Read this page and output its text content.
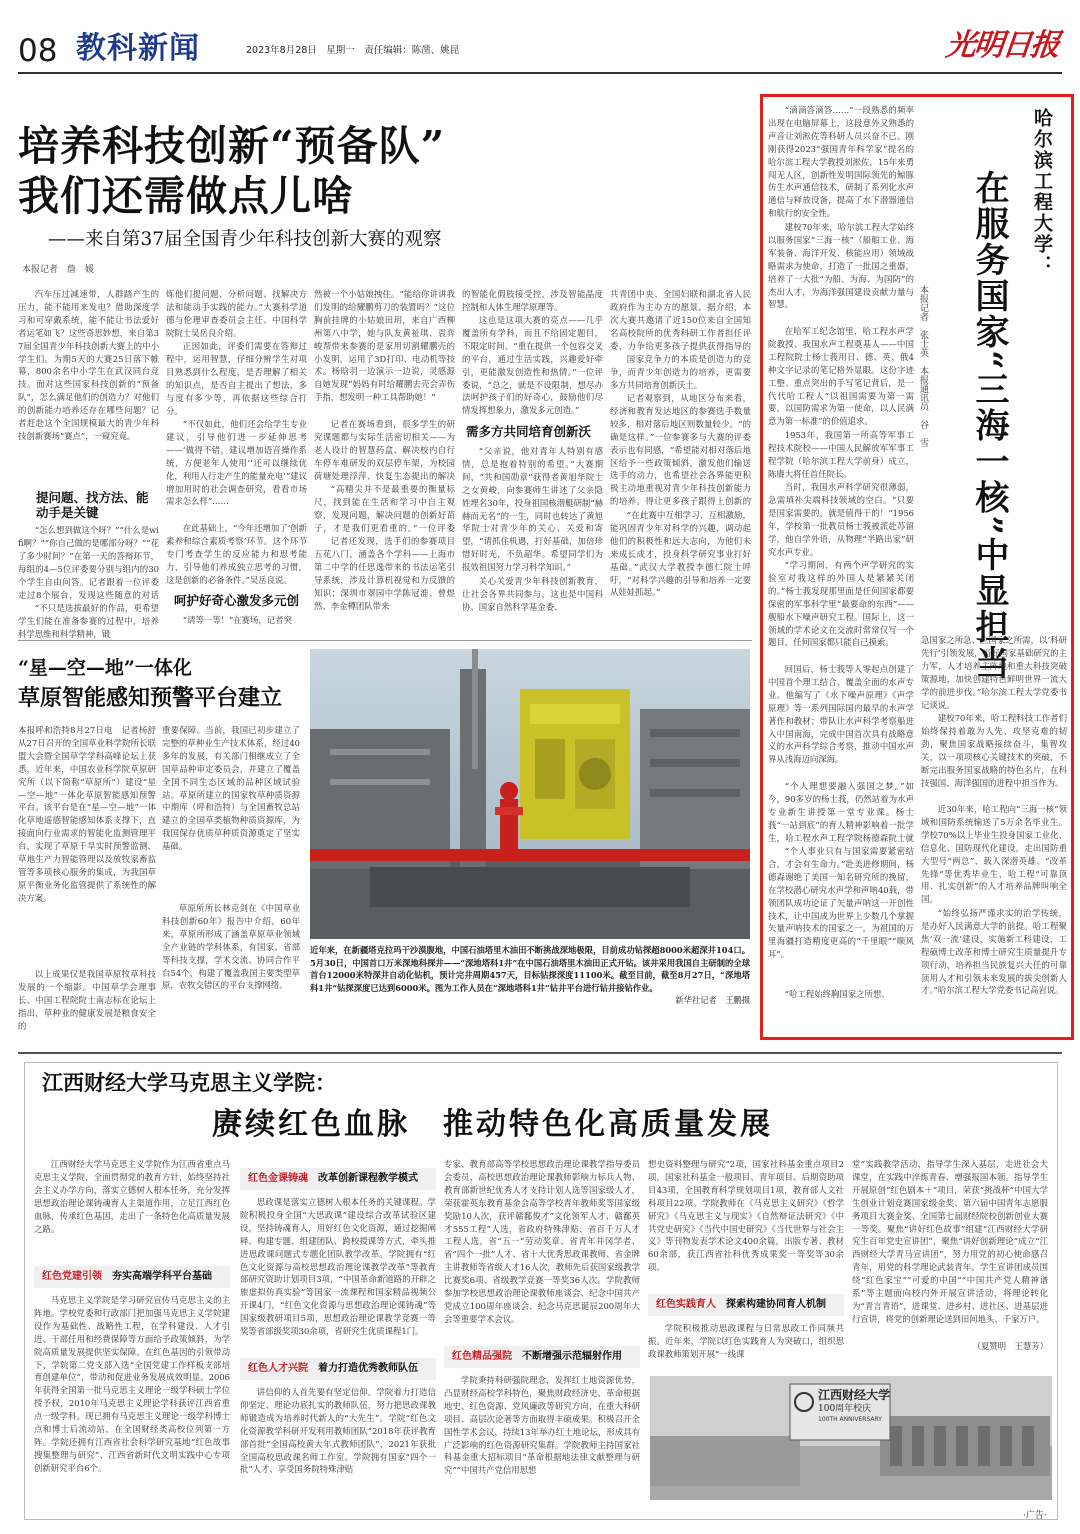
08 教科新闻	2023年8月28日　星期一　责任编辑：陈凿、姚昆	光明日报
培养科技创新“预备队”
我们还需做点儿啥
——来自第37届全国青少年科技创新大赛的观察
本报记者　詹　媛
汽车压过减速带，人群踏产生的压力，能不能用来发电？借助深度学习和可穿戴系统，能不能让书法爱好者运笔如飞？这些奇思妙想，来自第37届全国青少年科技创新大赛上的中小学生们。为期5天的大赛25日落下帷幕，800余名中小学生在武汉同台竞技。面对这些国家科技创新的“预备队”，怎么满足他们的创造力？对他们的创新能力培养还存在哪些问题？记者赶赴这个全国规模最大的青少年科技创新赛场“赛点”，一窥究竟。
提问题、找方法、能动手是关键
“怎么想到做这个呀？”“什么是wifi啊？”“你自己做的是哪部分呀？”“花了多少时间？”在第一天的答辩环节，每组的4—5位评委要分别与组内的30个学生自由问答。记者跟着一位评委走过8个展台，发现这些随意的对话
“不只是选拔最好的作品，更希望学生们能在准备参赛的过程中，培养科学思维和科学精神，锻
炼他们提问题、分析问题、找解决方法和能动手实践的能力。”大赛科学道德与伦理审查委员会主任、中国科学院院士吴岳良介绍。
正因如此，评委们需要在答辩过程中，运用智慧，仔细分辨学生对项目熟悉到什么程度，是否理解了相关的知识点，是否自主提出了想法，多与度有多少等，再依据这些综合打分。
“不仅如此，他们还会给学生专业建议，引导他们进一步延伸思考——‘做得不错，建议增加语音操作系统，方便老年人使用’‘还可以继续优化，利用人行走产生的能量充电’”建议增加用时的社会调查研究，看看市场需求怎么样”……
在此基础上，“今年还增加了‘创新素养和综合素质考察’环节。这个环节专门考查学生的反应能力和思考能力，引导他们养成独立思考的习惯，这是创新的必备条件。”吴岳良说。
呵护好奇心激发多元创
“请等一等！”在赛场，记者突
然被一个小姑娘拽住。“能给你讲讲我们发明的给耀鹏剪刀的装置吗？”这位胸前挂牌的小姑娘田玥，来自广西柳州第八中学，她与队友黄祉琪、袁弈峻帮带来参赛的是家用切割耀鹏壳的小发明，运用了3D打印、电动机等技术。杨晗羽一边演示一边说，灵感源自她发现“妈妈有时给耀鹏去壳会弄伤手指，想发明一种工具帮助她！”
记者在赛场看到，很多学生的研究课题都与实际生活密切相关——为老人设计的智慧药盒、解决校内自行车停车难研发的双层停车架，为校园荷塘处理浮萍、快复生态提出的解决
“高精尖并不是最重要的衡量标尺，找到能在生活和学习中自主观察，发现问题，解决问题的创新好苗子，才是我们更看重的。”一位评委
记者还发现，选手们的参赛项目五花八门，涵盖各个学科——上海市第二中学的任思逸带来的书法运笔引导系统，涉及计算机视觉和力反馈的知识；深圳市翠园中学陈冠淮、曾煜然、李金樽团队带来
的智能化假肢接受控，涉及智能晶度控制和人体生理学原理等。
这也是这项大赛的亮点——几乎覆盖所有学科，而且不给固定题目，不限定时间。“重在提供一个包容交叉的平台，通过生活实践，兴趣爱好牵引，更能激发创造性和热情。”一位评委说，“总之，就是不设限制，想尽办法呵护孩子们的好奇心，鼓励他们尽情发挥想象力，激发多元创造。”
需多方共同培育创新沃
“父亲说，他对青年人特别有感情，总是抱着特别的希望。”大赛期间，“共和国勋章”获得者黄旭华院士之女黄峻，向参赛师生讲述了父亲隐姓埋名30年，投身祖国核潜艇研制“赫赫而无名”的一生，同时也转达了黄旭华院士对青少年的关心、关爱和寄望，“请抓住机遇，打好基础，加倍珍惜好时光，不负韶华。希望同学们为报效祖国努力学习科学知识。”
关心关爱青少年科技创新教育，让社会各界共同参与，这也是中国科协、国家自然科学基金委、
共青团中央、全国妇联和湖北省人民政府作为主办方的愿景。据介绍，本次大赛共邀请了近150位来自全国知名高校院所的优秀科研工作者担任评委，力争给更多孩子提供获得指导的
国家竞争力的本质是创造力的竞争，而青少年创造力的培养，更需要多方共同培育创新沃土。
记者观察到，从地区分布来看，经济和教育发达地区的参赛选手数量较多，相对落后地区则数量较少。“的确是这样。”一位参赛多与大赛的评委表示也有同感，“希望能对相对落后地区给予一些政策倾斜，激发他们输送选手的动力，也希望社会各界能更积极主动地重视对青少年科技创新能力的培养。得让更多孩子跟得上创新的
“在此赛中互相学习、互相激励，能巩固青少年对科学的兴趣，调动起他们的积极性和远大志向，为他们未来成长成才，投身科学研究事业打好基础。”武汉大学教授李德仁院士呼吁，“对科学兴趣的引导和培养一定要从娃娃抓起。”
“星—空—地”一体化
草原智能感知预警平台建立
本报呼和浩特8月27日电　记者杨舒从27日召开的全国草业科学院所长联盟大会暨全国草学学科高峰论坛上获悉，近年来，中国农业科学院草原研究所（以下简称“草原所”）建设“星—空—地”一体化草原智能感知预警平台。该平台是在“星—空—地”一体化草地遥感智能感知体系支撑下，直接面向行业需求的智能化监测管理平台，实现了草原千旱实时预警监测、草地生产力智能管理以及放牧家畜监管等多项核心服务的集成，为我国草原平衡业务化监管提供了系统性的解决方案。
以上成果仅是我国草原牧草科技发展的一个缩影。中国草学会理事长、中国工程院院士南志标在论坛上指出，草种业的健康发展是粮食安全的
重要保障。当前，我国已初步建立了完整的草种业生产技术体系，经过40多年的发展，有关部门相继成立了全国草品种审定委员会，并建立了覆盖全国不同生态区域的品种区域试验站。草原所建立的国家牧草种质资源中期库（呼和浩特）与全国畜牧总站建立的全国草类植物种质资源库，为我国保存优质草种质资源奠定了坚实基础。
草原所所长林克剑在《中国草业科技创新60年》报告中介绍，60年来，草原所形成了涵盖草原草业领域全产业链的学科体系，有国家、省部等科技支撑，学术交流、协同合作平台54个，构建了覆盖我国主要类型草原，农牧交错区的平台支撑网络。
近年来，在新疆塔克拉玛干沙漠腹地，中国石油塔里木油田不断挑战深地极限，目前成功钻探超8000米超深井104口。5月30日，中国首口万米深地科探井——“深地塔科1井”在中国石油塔里木油田正式开钻。该井采用我国自主研制的全球首台12000米特深井自动化钻机，预计完井周期457天，目标钻探深度11100米。截至目前，截至8月27日，“深地塔科1井”钻探深度已达到6000米。图为工作人员在“深地塔科1井”钻井平台进行钻井接钻作业。
新华社记者　王鹏摄
哈尔滨工程大学：
在服务国家“三海一核”中显担当
本报记者　张士英　本报通讯员　谷　雪
“滴滴答滴答……”一段熟悉的频率出现在电脑屏幕上，这段意外又熟悉的声音让刘淞佐等科研人员兴奋不已。刚刚获得2023“强国青年科学家”提名的哈尔滨工程大学教授刘淞佐，15年来勇闯无人区，创新性发明国际领先的鲸豚仿生水声通信技术，研制了系列化水声通信与释放设备，提高了水下潜器通信和航行的安全性。
建校70年来，哈尔滨工程大学始终以服务国家“三海一核”（船舶工业、海军装备、海洋开发、核能应用）领域战略需求为使命，打造了一批国之重器，培养了一大批“为船、为海、为国防”的杰出人才，为海洋强国建设贡献力量与智慧。
在哈军工纪念馆里，哈工程水声学院教授、我国水声工程奠基人——中国工程院院士杨士莪用日、德、英、俄4种文字记录的笔记格外显眼。这份字迹工整、重点突出的手写笔记背后，是一代代哈工程人“以祖国需要为第一需要，以国防需求为第一使命，以人民满意为第一标准”的价值追求。
1953年，我国第一所高等军事工程技术院校——中国人民解放军军事工程学院（哈尔滨工程大学前身）成立，陈赓大将任首任院长。
当时，我国水声科学研究很薄弱，急需填补尖端科技领域的空白。“只要是国家需要的，就是值得干的！”1956年，学校第一批教员杨士莪被派赴苏留学，他自学外语，从物理“半路出家”研究水声专业。
“学习期间，有两个声学研究的实验室对我这样的外国人是紧紧关闭的。”杨士莪发现那里面是任何国家都要保密的军事科学里“最要命的东西”——舰船水下噪声研究工程。国际上，这一领域的学术论文在交流时常常仅写一个题目，任何国家都只能自己摸索。
回国后，杨士莪等人零起点创建了中国首个理工结合、覆盖全面的水声专业。他编写了《水下噪声原理》《声学原理》等一系列国际国内最早的水声学著作和教材；带队让水声科学考察船进入中国南海，完成中国首次具有战略意义的水声科学综合考察，推动中国水声界从浅海迈向深海。
“个人理想要融入强国之梦。”如今，90多岁的杨士莪，仍然站着为水声专业新生讲授第一堂专业课。杨士莪“一站到底”的育人精神影响着一批学生，哈工程水声工程学院杨德森院士就
“个人事业只有与国家需要紧密结合，才会有生命力。”赴美进修期间，杨德森谢绝了美国一知名研究所的挽留，在学校潜心研究水声学和声呐40载，带领团队成功论证了矢量声呐这一开创性技术，让中国成为世界上少数几个掌握矢量声呐技术的国家之一，为祖国的万里海疆打造精度更高的“千里眼”“顺风耳”。
“哈工程始终胸国家之所想、
急国家之所急、应国家之所需，以‘科研先行’引领发展，当好国家基础研究的主力军，人才培养主阵地和重大科技突破策源地，加快创建特色鲜明世界一流大学的前进步伐。”哈尔滨工程大学党委书记谈说。
建校70年来，哈工程科技工作者们始终保持着敢为人先、攻坚克难的韧劲，聚焦国家战略接续奋斗，集智攻关，以一项项核心关键技术的突破，不断完出服务国家战略的特色名片，在科技强国、海洋强国的进程中担当作为。
近30年来，哈工程向“三海一核”领域和国防系统输送了5万余名毕业生。学校70%以上毕业生投身国家工业化、信息化、国防现代化建设，走出国防重大型号“两总”、载人深潜英雄、“改革先锋”等优秀毕业生，哈工程“可靠顶用、扎实创新”的人才培养品牌叫响全国。
“始终弘扬严谨求实的治学传统，是办好人民满意大学的前提。哈工程聚焦‘双一流’建设，实施新工科建设，工程硕博士改革和博士研究生质量提升专项行动，培养担当民族复兴大任的可靠顶用人才和引领未来发展的拔尖创新人才。”哈尔滨工程大学党委书记高岩说。
江西财经大学马克思主义学院：
赓续红色血脉　推动特色化高质量发展
江西财经大学马克思主义学院作为江西省重点马克思主义学院，全面贯彻党的教育方针，始终坚持社会主义办学方向，落实立德树人根本任务，充分发挥思想政治理论课铸魂育人主渠道作用，立足江西红色血脉，传承红色基因，走出了一条特色化高质量发展之路。
红色党建引领　 夯实高端学科平台基础
马克思主义学院是学习研究宣传马克思主义的主阵地。学校党委和行政部门把加强马克思主义学院建设作为基础性、战略性工程，在学科建设、人才引进、干部任用和经费保障等方面给予政策倾斜，为学院高质量发展提供坚实保障。在红色基因的引领带动下，学院第二党支部入选“全国党建工作样板支部培育创建单位”，带动和促进业务发展成效明显。2006年获得全国第一批马克思主义理论一级学科硕士学位授予权，2010年马克思主义理论学科获评江西省重点一级学科。现已拥有马克思主义理论一级学科博士点和博士后流动站，在全国财经类高校位列第一方阵。学院还拥有江西省社会科学研究基地“红色故事搜集整理与研究”、江西省新时代文明实践中心专项创新研究平台6个。
红色金课铸魂　 改革创新课程教学模式
思政课是落实立德树人根本任务的关键课程。学院积极投身全国“大思政课”建设综合改革试验区建设，坚持铸魂育人，用好红色文化资源，通过挖掘阐释、构建专题、组建团队、跨校授课等方式，牵头推进思政课问题式专题化团队教学改革。学院拥有“红色文化资源与高校思想政治理论课教学改革”等教育部研究资助计划项目3项，“中国革命新道路的开辟之旅虚拟仿真实验”等国家一流课程和国家精品视频公开课4门，“红色文化资源与思想政治理论课铸魂”等国家级教研项目5项，思想政治理论课教学竞赛一等奖等省部级奖项30余项，省研究生优质课程1门。
红色人才兴院　 着力打造优秀教师队伍
讲信仰的人首先要有坚定信仰。学院着力打造信仰坚定、理论功底扎实的教师队伍，努力把思政课教师锻造成为培养时代新人的“大先生”。学院“红色文化资源教学科研开发利用教师团队”2018年获评教育部首批“全国高校黄大年式教师团队”，2021年获批全国高校思政课名师工作室。学院拥有国家“四个一批”人才、享受国务院特殊津贴
专家、教育部高等学校思想政治理论课教学指导委员会委员、高校思想政治理论课教师影响力标兵人物、教育部新世纪优秀人才支持计划人选等国家级人才，荣获霍英东教育基金会高等学校青年教师奖等国家级奖励10人次，获评赣鄱俊才“文化领军人才、赣鄱英才555工程”人选，省政府特殊津贴、省百千万人才工程人选，省“五一”劳动奖章、省青年井冈学者、省“四个一批”人才、省十大优秀思政课教师、省金牌主讲教师等省级人才16人次，教师先后获国家级教学比赛奖6项、省级教学竞赛一等奖36人次。学院教师参加学校思想政治理论课教师座谈会、纪念中国共产党成立100周年座谈会、纪念马克思诞辰200周年大会等重要学术会议。
红色精品强院　 不断增强示范辐射作用
学院秉持科研强院理念，发挥红土地资源优势，凸显财经高校学科特色，聚焦财政经济史、革命根据地史、红色资源、党风廉政等研究方向，在重大科研项目、高层次论著等方面取得丰硕成果。积极召开全国性学术会议，持续13年举办红土地论坛，形成具有广泛影响的红色资源研究集群。学院教师主持国家社科基金重大招标项目“革命根据地法律文献整理与研究”“中国共产党信用思想
想史资料整理与研究”2项，国家社科基金重点项目2项，国家社科基金一般项目、青年项目、后期资助项目43项，全国教育科学规划项目1项，教育部人文社科项目22项。学院教师在《马克思主义研究》《哲学研究》《马克思主义与现实》《自然辩证法研究》《中共党史研究》《当代中国史研究》《当代世界与社会主义》等刊物发表学术论文400余篇，出版专著、教材60余部，获江西省社科优秀成果奖一等奖等30余项。
红色实践育人　 探索构建协同育人机制
学院积极推动思政课程与日常思政工作同频共振。近年来，学院以红色实践育人为突破口，组织思政课教师策划开展“一线课
堂”实践教学活动，指导学生深入基层，走进社会大课堂，在实践中淬炼青春、增强报国本领。指导学生开展原创“红色剧本＋”项目，荣获“挑战杯”中国大学生创业计划竞赛国家级金奖、第六届中国青年志愿服务项目大赛金奖、全国第七届财经院校创新创业大赛一等奖。聚焦“讲好红色故事”组建“江西财经大学研究生百年党史宣讲团”，聚焦“讲好创新理论”成立“江西财经大学青马宣讲团”，努力用党的初心使命感召青年，用党的科学理论武装青年。学生宣讲团成员围绕“红色家宝”“可爱的中国”“中国共产党人精神谱系”等主题面向校内外开展宣讲活动，将理论转化为“青言青语”，进课堂、进乡村、进社区、进基层进行宣讲，将党的创新理论送到田间地头、千家万户。
（夏赞明　王慧芳）
江西财经大学
100周年校庆
100TH ANNIVERSARY
·广告·
